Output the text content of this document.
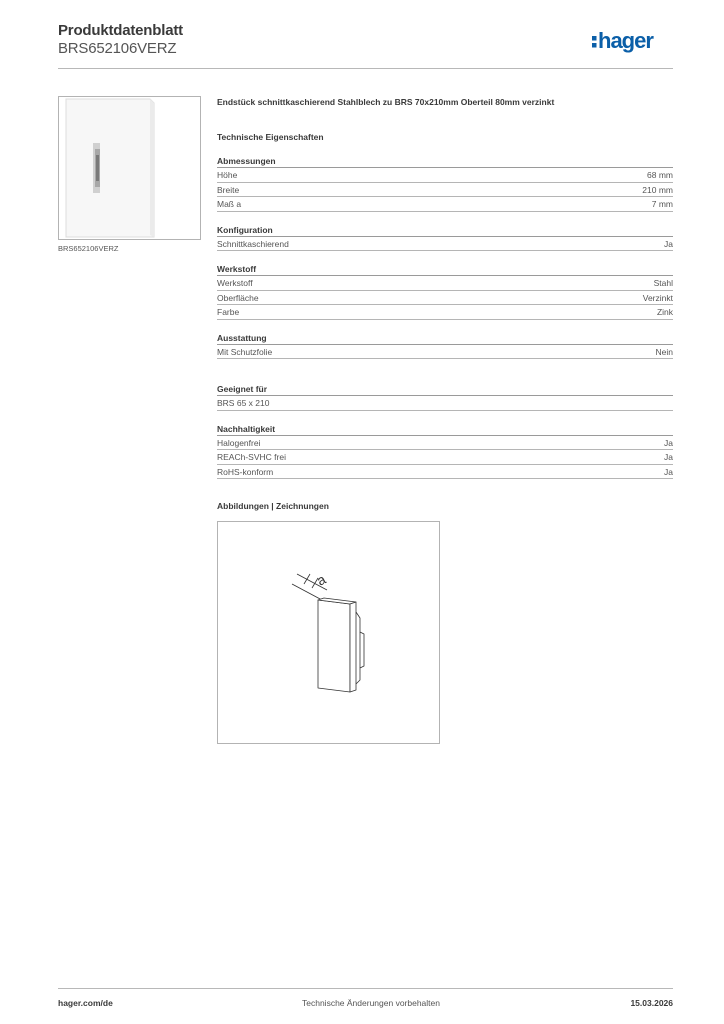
Produktdatenblatt
BRS652106VERZ	hager
BRS652106VERZ
Endstück schnittkaschierend Stahlblech zu BRS 70x210mm Oberteil 80mm verzinkt
Technische Eigenschaften
Abmessungen
Höhe	68 mm
Breite	210 mm
Maß a	7 mm
Konfiguration
Schnittkaschierend	Ja
Werkstoff
Werkstoff	Stahl
Oberfläche	Verzinkt
Farbe	Zink
Ausstattung
Mit Schutzfolie	Nein
Geeignet für
BRS 65 x 210
Nachhaltigkeit
Halogenfrei	Ja
REACh-SVHC frei	Ja
RoHS-konform	Ja
Abbildungen | Zeichnungen
a
hager.com/de	Technische Änderungen vorbehalten	15.03.2026
